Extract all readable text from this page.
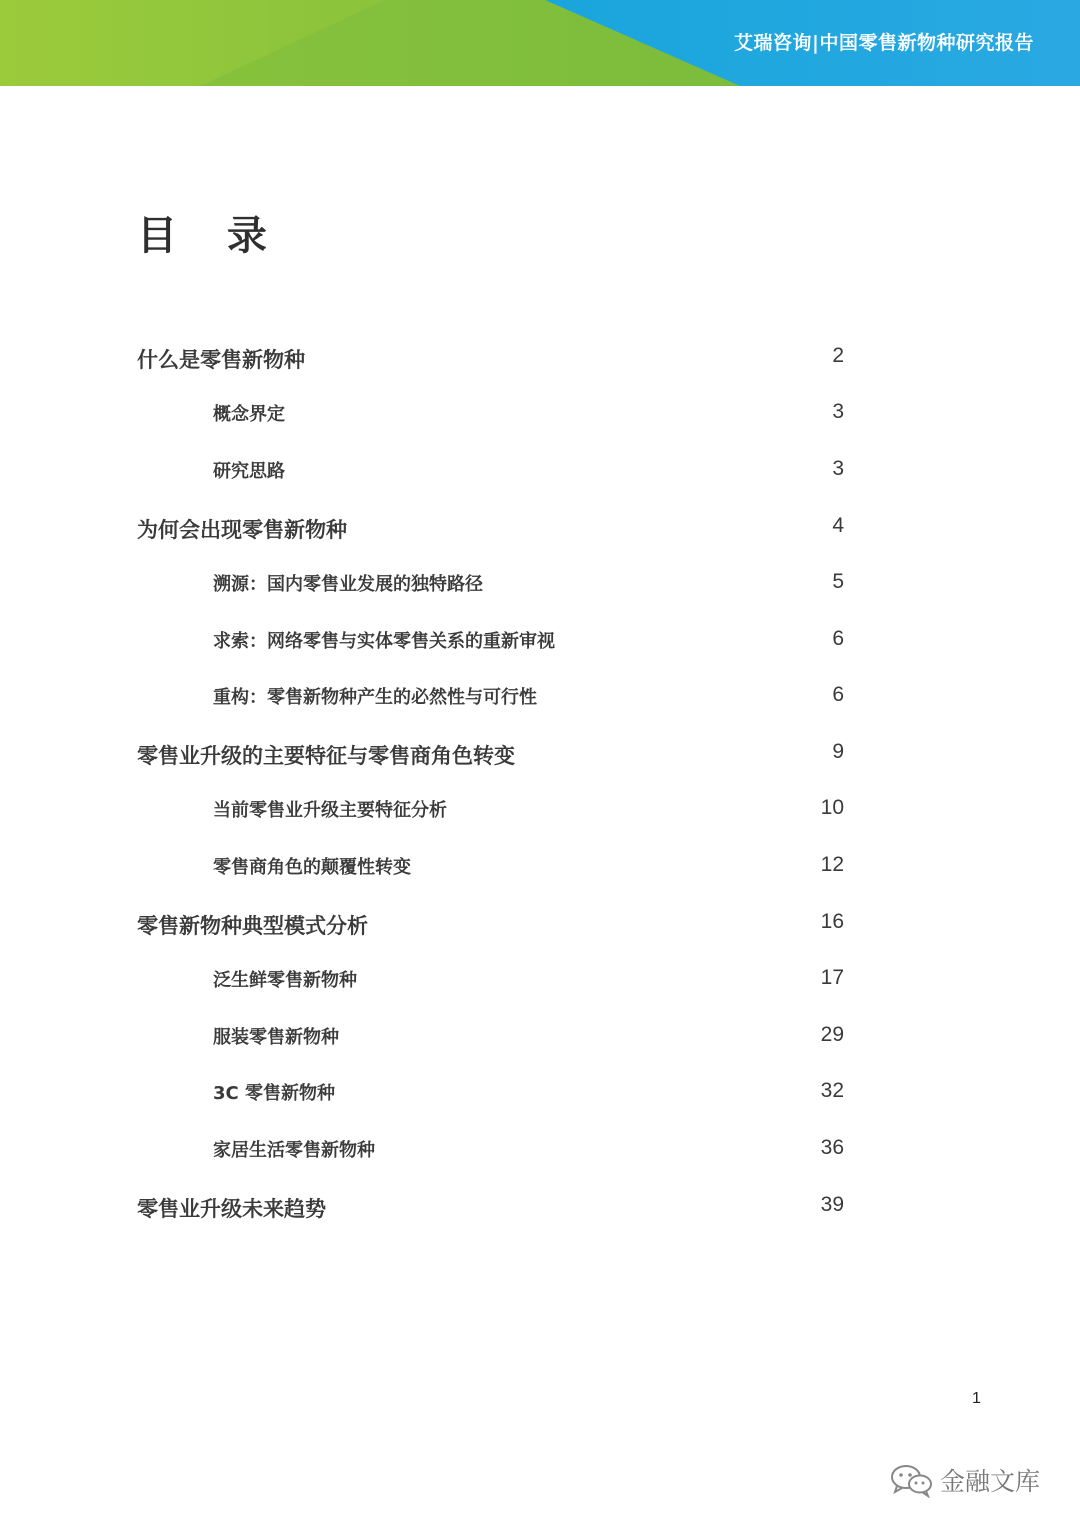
艾瑞咨询|中国零售新物种研究报告
目 录
什么是零售新物种	2
概念界定	3
研究思路	3
为何会出现零售新物种	4
溯源：国内零售业发展的独特路径	5
求索：网络零售与实体零售关系的重新审视	6
重构：零售新物种产生的必然性与可行性	6
零售业升级的主要特征与零售商角色转变	9
当前零售业升级主要特征分析	10
零售商角色的颠覆性转变	12
零售新物种典型模式分析	16
泛生鲜零售新物种	17
服装零售新物种	29
3C 零售新物种	32
家居生活零售新物种	36
零售业升级未来趋势	39
1
金融文库
